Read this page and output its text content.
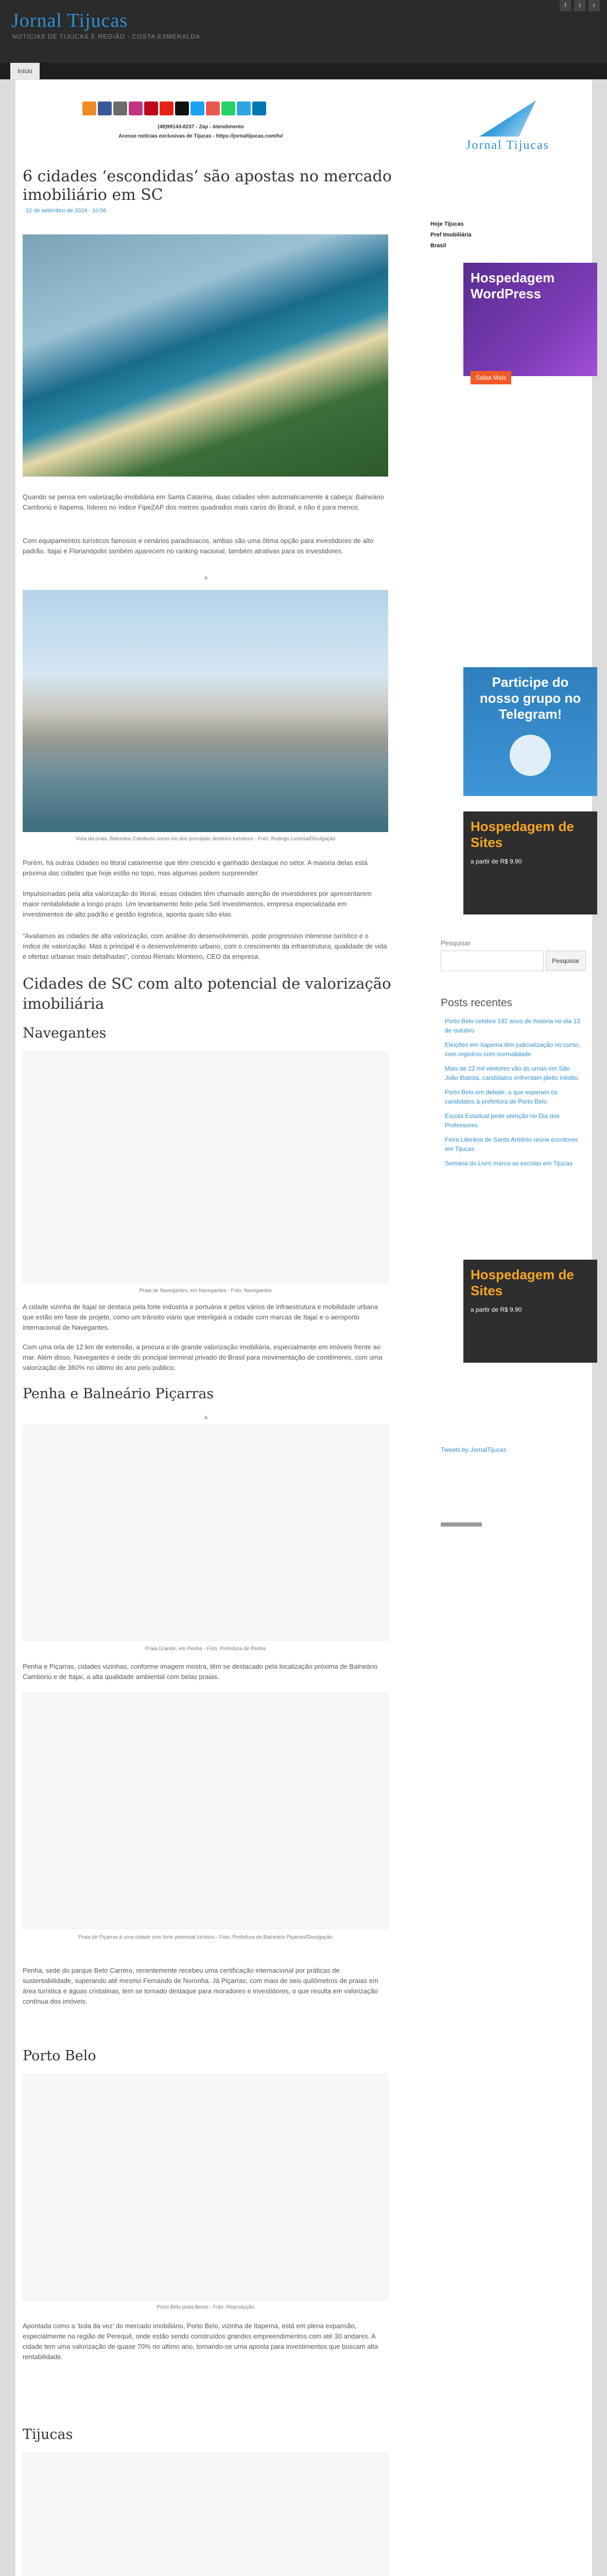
Jornal Tijucas
NOTÍCIAS DE TIJUCAS E REGIÃO - COSTA ESMERALDA
f	t	r
Início
(48)99143-8237 - Zap - Atendimento
Acesse notícias exclusivas de Tijucas - https://jornaltijucas.com/tv/
Jornal Tijucas
Hoje Tijucas
Pref Imobiliária
Brasil
Hospedagem WordPress
Saiba Mais
Participe do nosso grupo no Telegram!
Hospedagem de Sites
a partir de R$ 9,90
Pesquisar
Pesquisar
Posts recentes
Porto Belo celebra 192 anos de história no dia 13 de outubro
Eleições em Itapema têm judicialização no curso, com registros com normalidade
Mais de 22 mil eleitores vão às urnas em São João Batista, candidatos enfrentam pleito inédito
Porto Belo em debate: o que esperam os candidatos à prefeitura de Porto Belo
Escola Estadual pede atenção no Dia dos Professores
Feira Literária de Santo Antônio reúne escritores em Tijucas
Semana do Livro marca as escolas em Tijucas
Hospedagem de Sites
a partir de R$ 9,90
Tweets by JornalTijucas
6 cidades ‘escondidas’ são apostas no mercado imobiliário em SC
12 de setembro de 2024 - 10:56
Quando se pensa em valorização imobiliária em Santa Catarina, duas cidades vêm automaticamente à cabeça: Balneário Camboriú e Itapema, líderes no índice FipeZAP dos metros quadrados mais caros do Brasil, e não é para menos.
Com equipamentos turísticos famosos e cenários paradisíacos, ambas são uma ótima opção para investidores de alto padrão. Itajaí e Florianópolis também aparecem no ranking nacional, também atrativas para os investidores.
▲
Vista da praia, Balneário Camboriú como um dos principais destinos turísticos - Foto: Rodrigo Lustosa/Divulgação
Porém, há outras cidades no litoral catarinense que têm crescido e ganhado destaque no setor. A maioria delas está próxima das cidades que hoje estão no topo, mas algumas podem surpreender.
Impulsionadas pela alta valorização do litoral, essas cidades têm chamado atenção de investidores por apresentarem maior rentabilidade a longo prazo. Um levantamento feito pela Sell Investimentos, empresa especializada em investimentos de alto padrão e gestão logística, aponta quais são elas.
“Avaliamos as cidades de alta valorização, com análise do desenvolvimento, pode progressivo interesse turístico e o índice de valorização. Mas o principal é o desenvolvimento urbano, com o crescimento da infraestrutura, qualidade de vida e ofertas urbanas mais detalhadas”, contou Renato Monteiro, CEO da empresa.
Cidades de SC com alto potencial de valorização imobiliária
Navegantes
Praia de Navegantes, em Navegantes - Foto: Navegantes
A cidade vizinha de Itajaí se destaca pela forte indústria e portuária e pelos vários de infraestrutura e mobilidade urbana que estão em fase de projeto, como um trânsito viário que interligará a cidade com marcas de Itajaí e o aeroporto internacional de Navegantes.
Com uma orla de 12 km de extensão, a procura e de grande valorização imobiliária, especialmente em imóveis frente ao mar. Além disso, Navegantes é sede do principal terminal privado do Brasil para movimentação de contêineres, com uma valorização de 360% no último do ano pelo público.
Penha e Balneário Piçarras
▲
Praia Grande, em Penha - Foto: Prefeitura de Penha
Penha e Piçarras, cidades vizinhas, conforme imagem mostra, têm se destacado pela localização próxima de Balneário Camboriú e de Itajaí, a alta qualidade ambiental com belas praias.
Praia de Piçarras é uma cidade com forte potencial turístico - Foto: Prefeitura de Balneário Piçarras/Divulgação
Penha, sede do parque Beto Carrero, recentemente recebeu uma certificação internacional por práticas de sustentabilidade, superando até mesmo Fernando de Noronha. Já Piçarras, com mais de seis quilômetros de praias em área turística e águas cristalinas, tem se tornado destaque para moradores e investidores, o que resulta em valorização contínua dos imóveis.
Porto Belo
Porto Belo praia Bento - Foto: Reprodução
Apontada como a ‘bola da vez’ do mercado imobiliário, Porto Belo, vizinha de Itapema, está em plena expansão, especialmente na região de Perequê, onde estão sendo construídos grandes empreendimentos com até 30 andares. A cidade tem uma valorização de quase 70% no último ano, tornando-se uma aposta para investimentos que buscam alta rentabilidade.
Tijucas
